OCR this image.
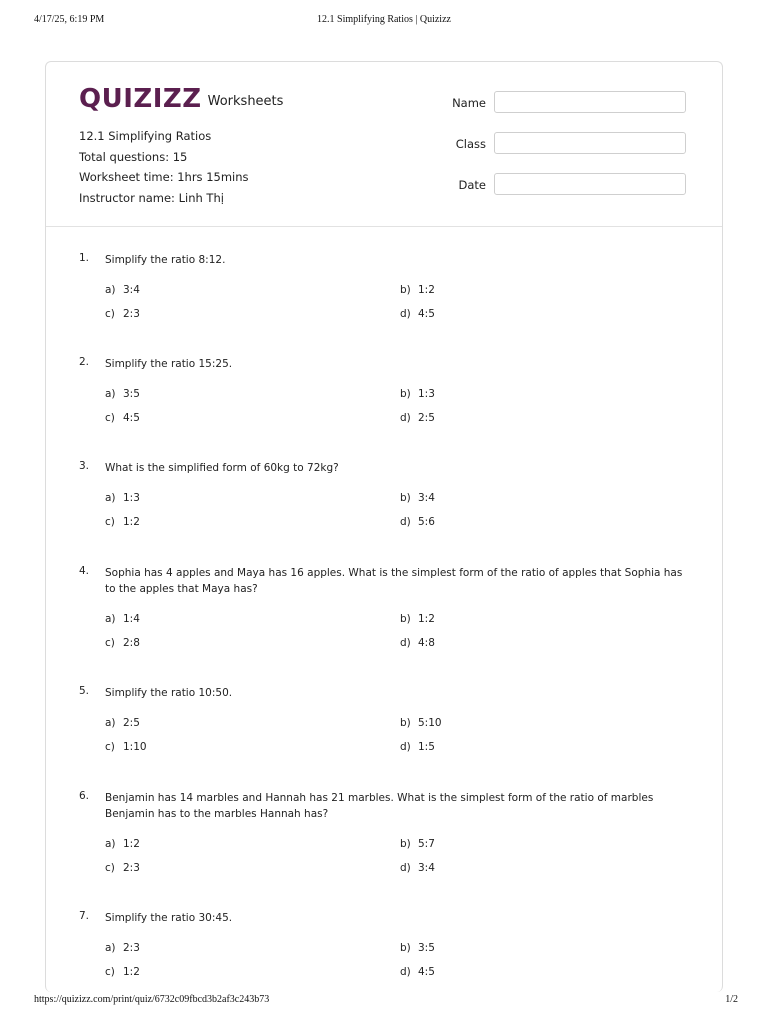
4/17/25, 6:19 PM	12.1 Simplifying Ratios | Quizizz
QUIZIZZ Worksheets
12.1 Simplifying Ratios
Total questions: 15
Worksheet time: 1hrs 15mins
Instructor name: Linh Thị
Name
Class
Date
1. Simplify the ratio 8:12.
a) 3:4	b) 1:2
c) 2:3	d) 4:5
2. Simplify the ratio 15:25.
a) 3:5	b) 1:3
c) 4:5	d) 2:5
3. What is the simplified form of 60kg to 72kg?
a) 1:3	b) 3:4
c) 1:2	d) 5:6
4. Sophia has 4 apples and Maya has 16 apples. What is the simplest form of the ratio of apples that Sophia has to the apples that Maya has?
a) 1:4	b) 1:2
c) 2:8	d) 4:8
5. Simplify the ratio 10:50.
a) 2:5	b) 5:10
c) 1:10	d) 1:5
6. Benjamin has 14 marbles and Hannah has 21 marbles. What is the simplest form of the ratio of marbles Benjamin has to the marbles Hannah has?
a) 1:2	b) 5:7
c) 2:3	d) 3:4
7. Simplify the ratio 30:45.
a) 2:3	b) 3:5
c) 1:2	d) 4:5
https://quizizz.com/print/quiz/6732c09fbcd3b2af3c243b73	1/2
